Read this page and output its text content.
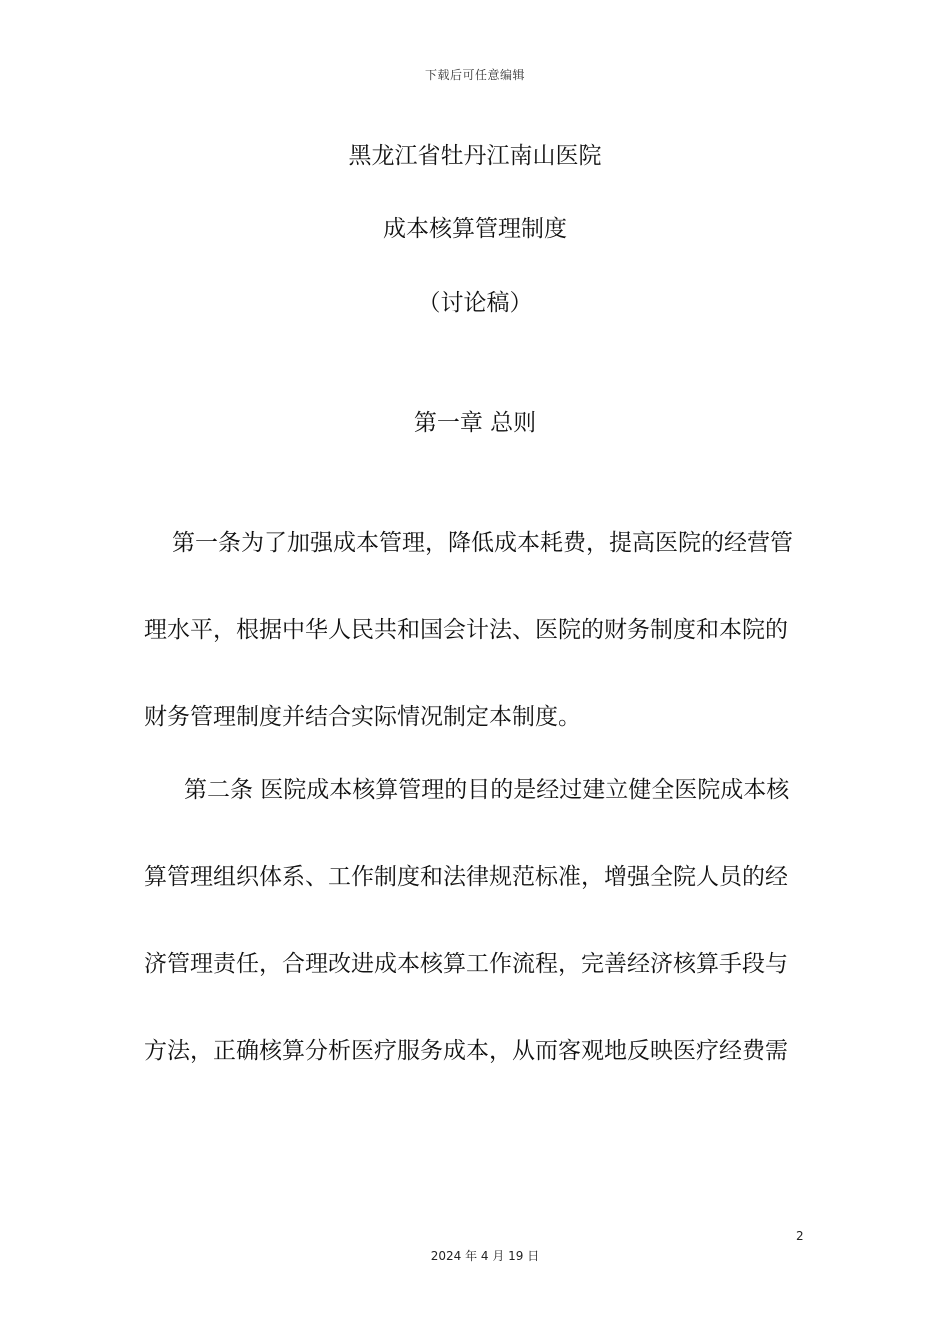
下载后可任意编辑
黑龙江省牡丹江南山医院
成本核算管理制度
（讨论稿）
第一章 总则
第一条为了加强成本管理，降低成本耗费，提高医院的经营管
理水平，根据中华人民共和国会计法、医院的财务制度和本院的
财务管理制度并结合实际情况制定本制度。
第二条 医院成本核算管理的目的是经过建立健全医院成本核
算管理组织体系、工作制度和法律规范标准，增强全院人员的经
济管理责任，合理改进成本核算工作流程，完善经济核算手段与
方法，正确核算分析医疗服务成本，从而客观地反映医疗经费需
2
2024 年 4 月 19 日
